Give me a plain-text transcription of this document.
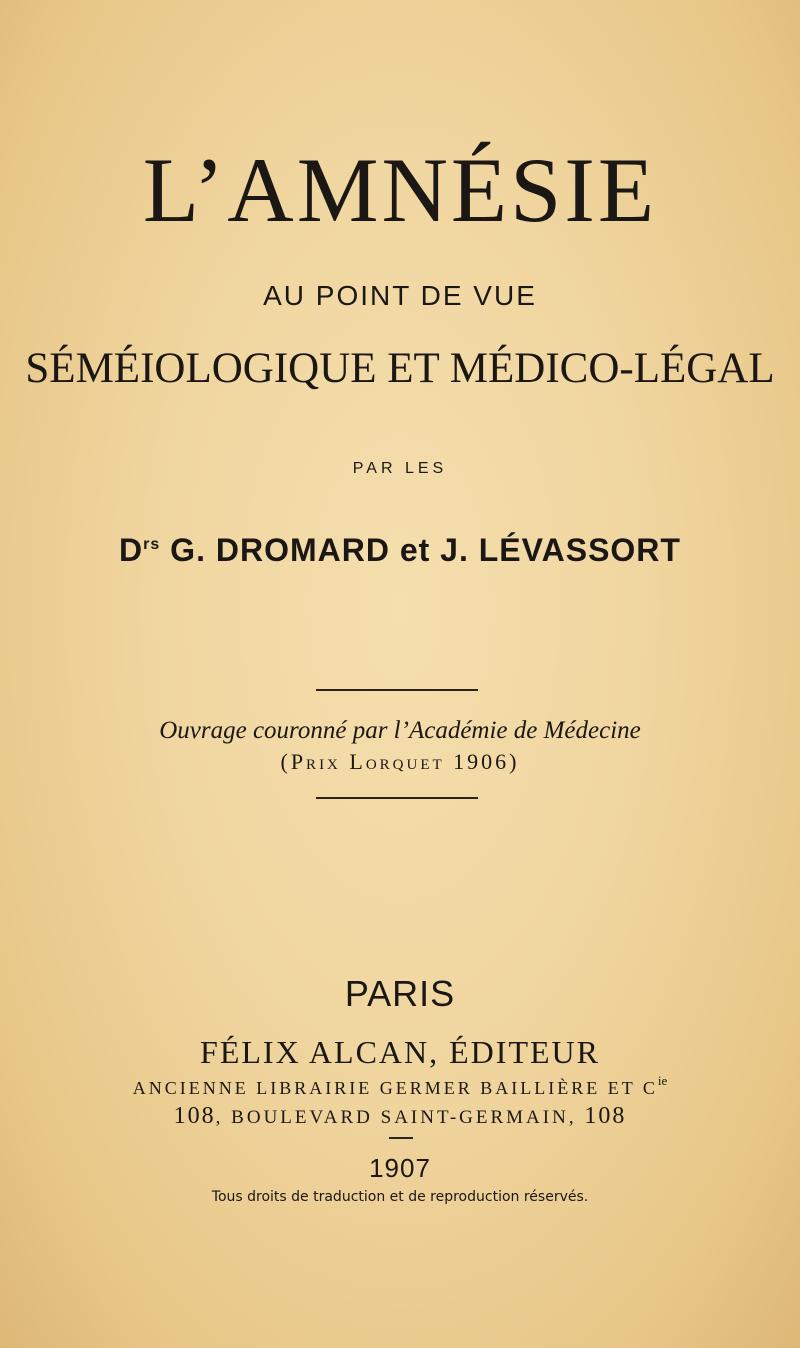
L’AMNÉSIE
AU POINT DE VUE
SÉMÉIOLOGIQUE ET MÉDICO-LÉGAL
PAR LES
$D^{rs}$ G. DROMARD et J. LÉVASSORT
Ouvrage couronné par l’Académie de Médecine
(Prix Lorquet 1906)
PARIS
FÉLIX ALCAN, ÉDITEUR
ANCIENNE LIBRAIRIE GERMER BAILLIÈRE ET $C^{ie}$
108, BOULEVARD SAINT-GERMAIN, 108
1907
Tous droits de traduction et de reproduction réservés.
